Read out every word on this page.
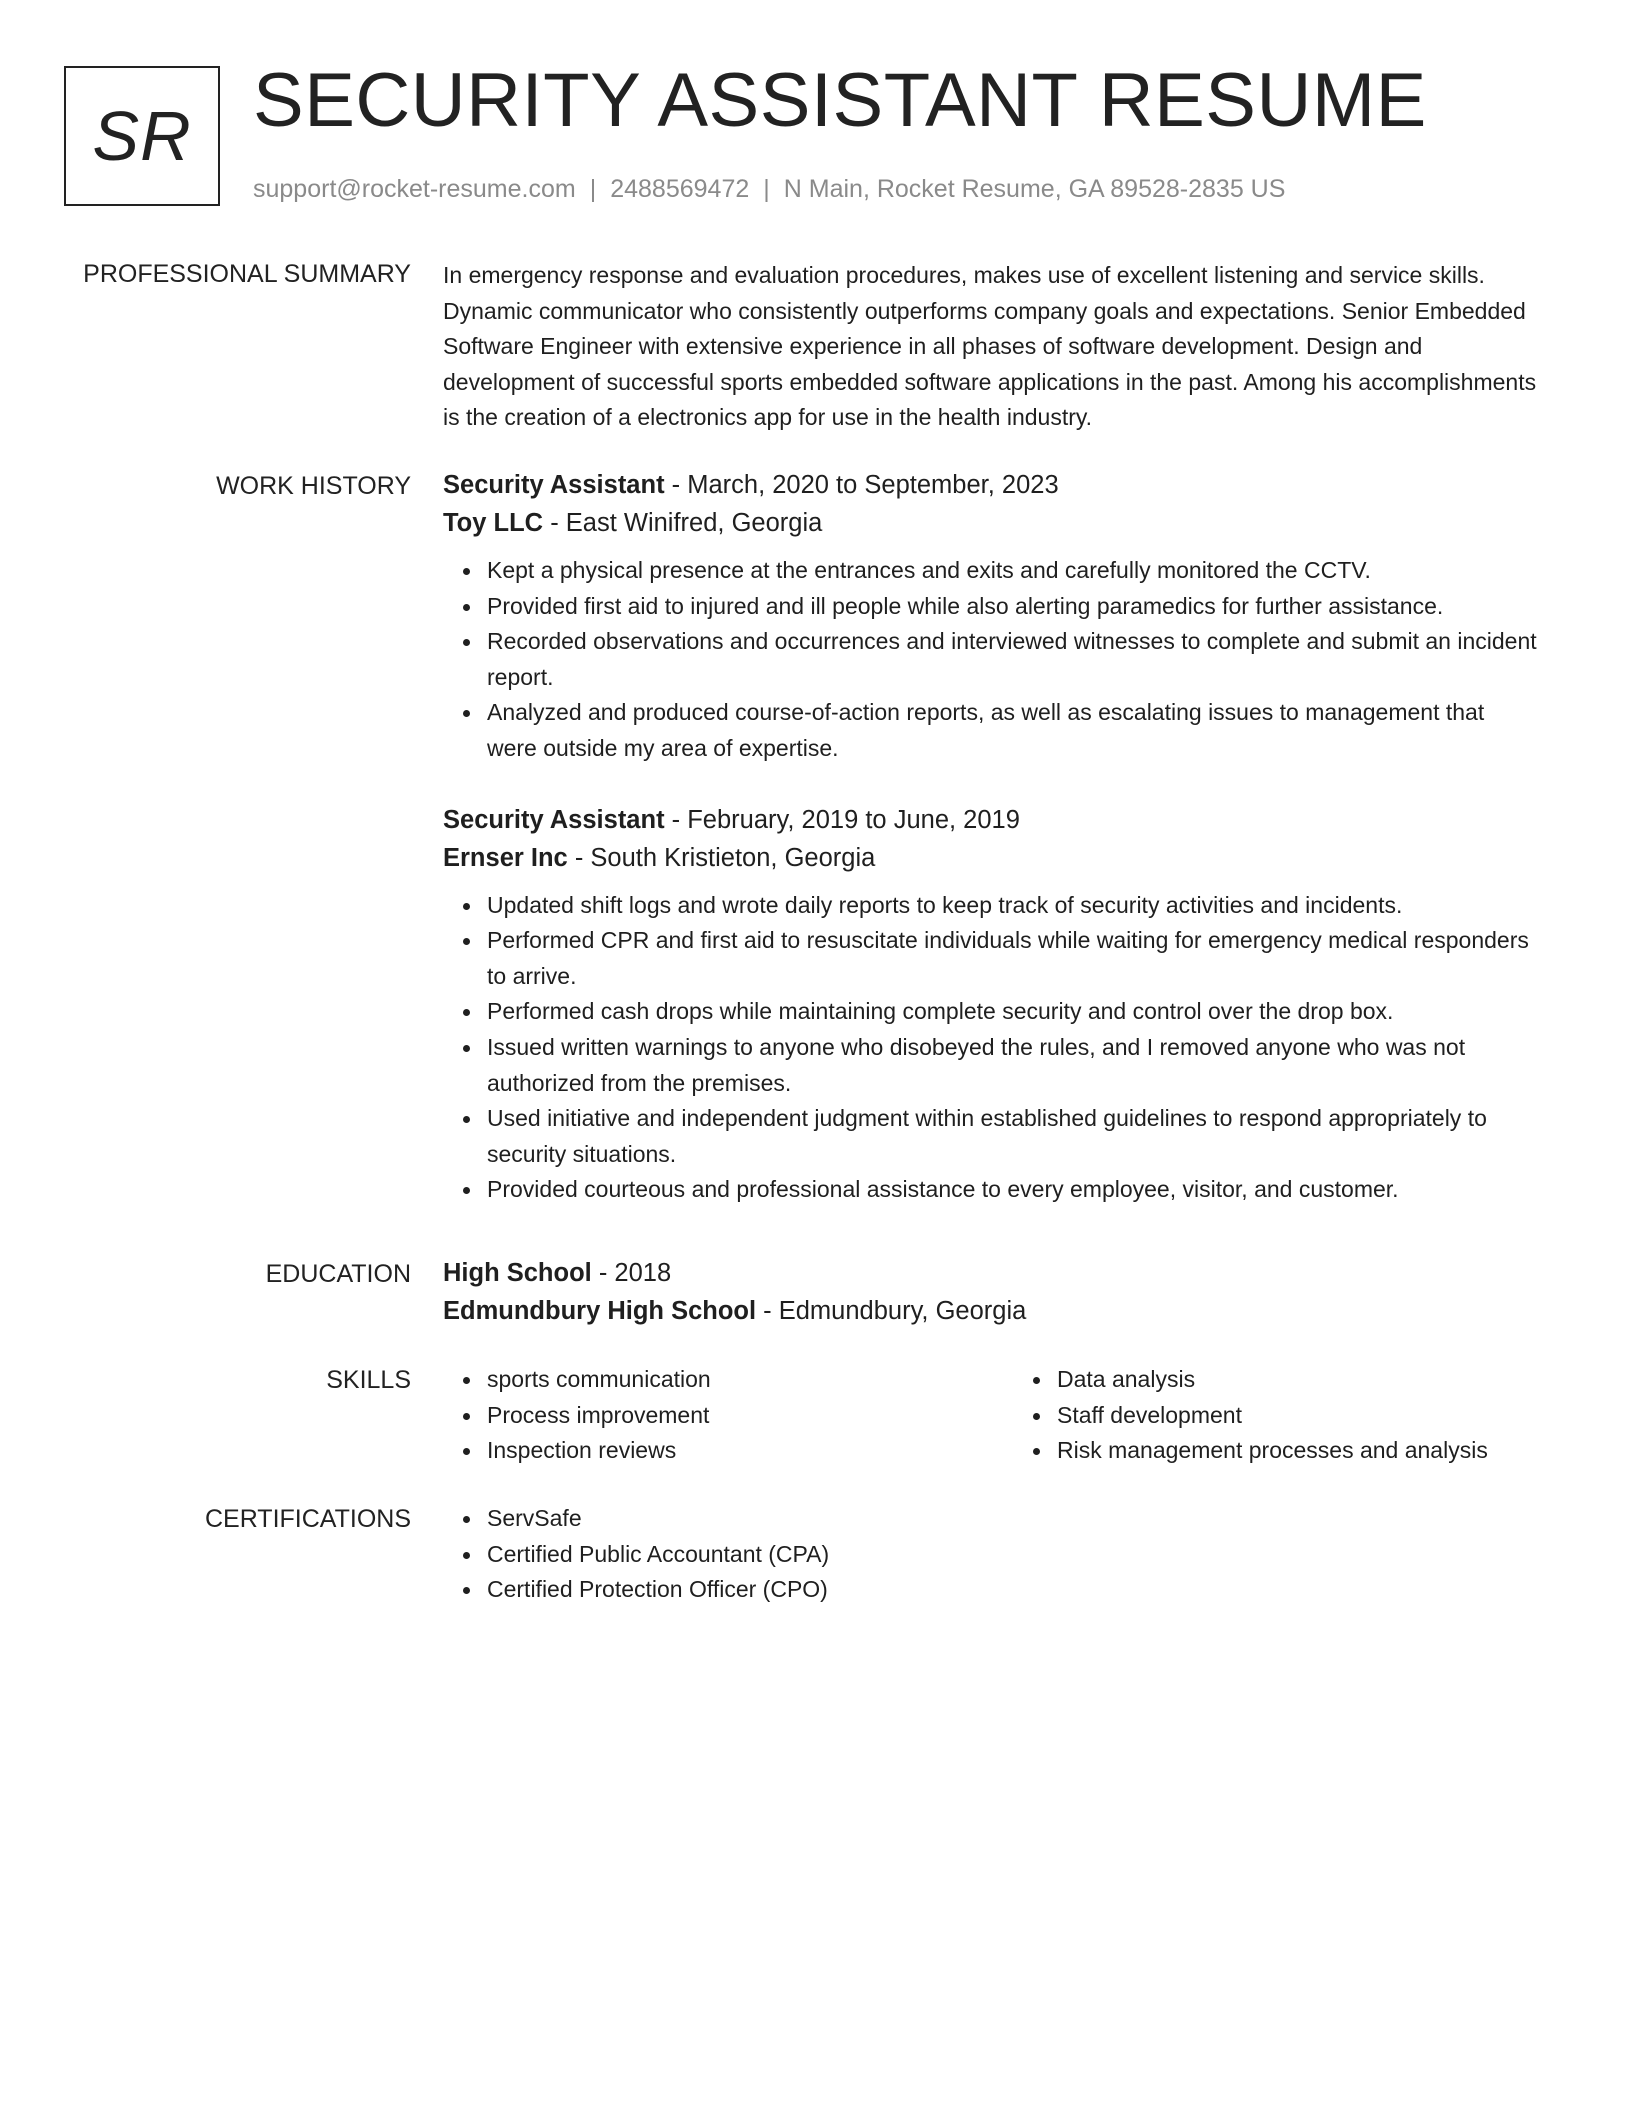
SR SECURITY ASSISTANT RESUME
support@rocket-resume.com | 2488569472 | N Main, Rocket Resume, GA 89528-2835 US
PROFESSIONAL SUMMARY In emergency response and evaluation procedures, makes use of excellent listening and service skills. Dynamic communicator who consistently outperforms company goals and expectations. Senior Embedded Software Engineer with extensive experience in all phases of software development. Design and development of successful sports embedded software applications in the past. Among his accomplishments is the creation of a electronics app for use in the health industry.

WORK HISTORY Security Assistant - March, 2020 to September, 2023
Toy LLC - East Winifred, Georgia
Kept a physical presence at the entrances and exits and carefully monitored the CCTV.
Provided first aid to injured and ill people while also alerting paramedics for further assistance.
Recorded observations and occurrences and interviewed witnesses to complete and submit an incident report.
Analyzed and produced course-of-action reports, as well as escalating issues to management that were outside my area of expertise.
Security Assistant - February, 2019 to June, 2019
Ernser Inc - South Kristieton, Georgia
Updated shift logs and wrote daily reports to keep track of security activities and incidents.
Performed CPR and first aid to resuscitate individuals while waiting for emergency medical responders to arrive.
Performed cash drops while maintaining complete security and control over the drop box.
Issued written warnings to anyone who disobeyed the rules, and I removed anyone who was not authorized from the premises.
Used initiative and independent judgment within established guidelines to respond appropriately to security situations.
Provided courteous and professional assistance to every employee, visitor, and customer.
EDUCATION High School - 2018
Edmundbury High School - Edmundbury, Georgia
SKILLS	sports communication
Process improvement
Inspection reviews
Data analysis
Staff development
Risk management processes and analysis
CERTIFICATIONS	ServSafe
Certified Public Accountant (CPA)
Certified Protection Officer (CPO)
